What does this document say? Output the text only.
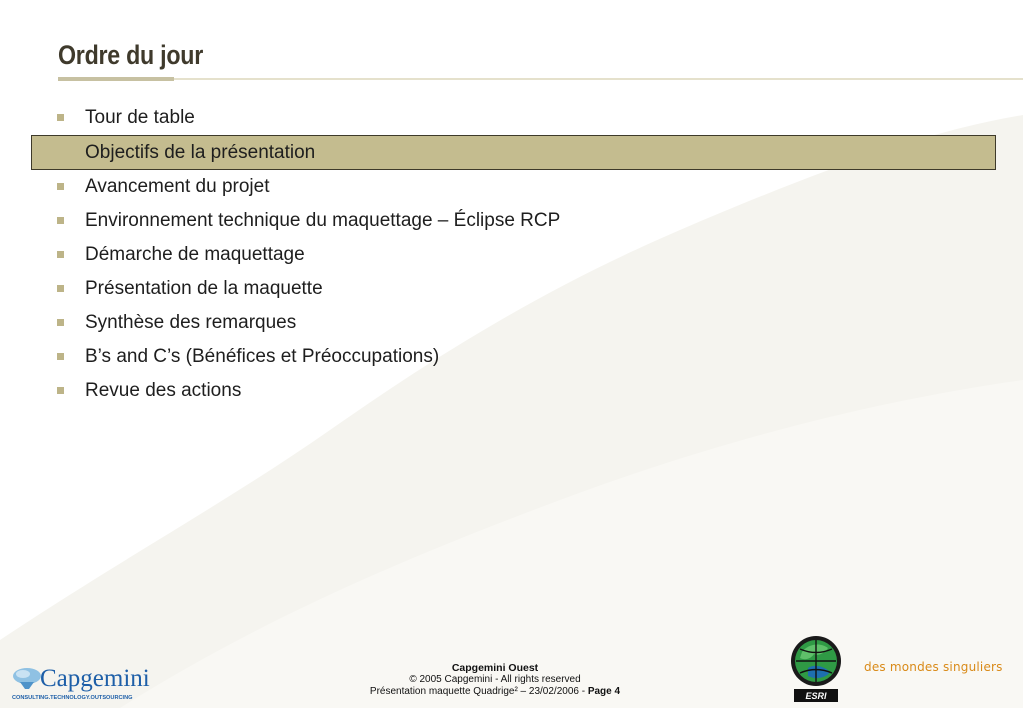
Ordre du jour
Tour de table
Objectifs de la présentation
Avancement du projet
Environnement technique du maquettage – Éclipse RCP
Démarche de maquettage
Présentation de la maquette
Synthèse des remarques
B’s and C’s (Bénéfices et Préoccupations)
Revue des actions
Capgemini
CONSULTING.TECHNOLOGY.OUTSOURCING
Capgemini Ouest
© 2005 Capgemini - All rights reserved
Présentation maquette Quadrige² – 23/02/2006 - Page 4	ESRI
des mondes singuliers
